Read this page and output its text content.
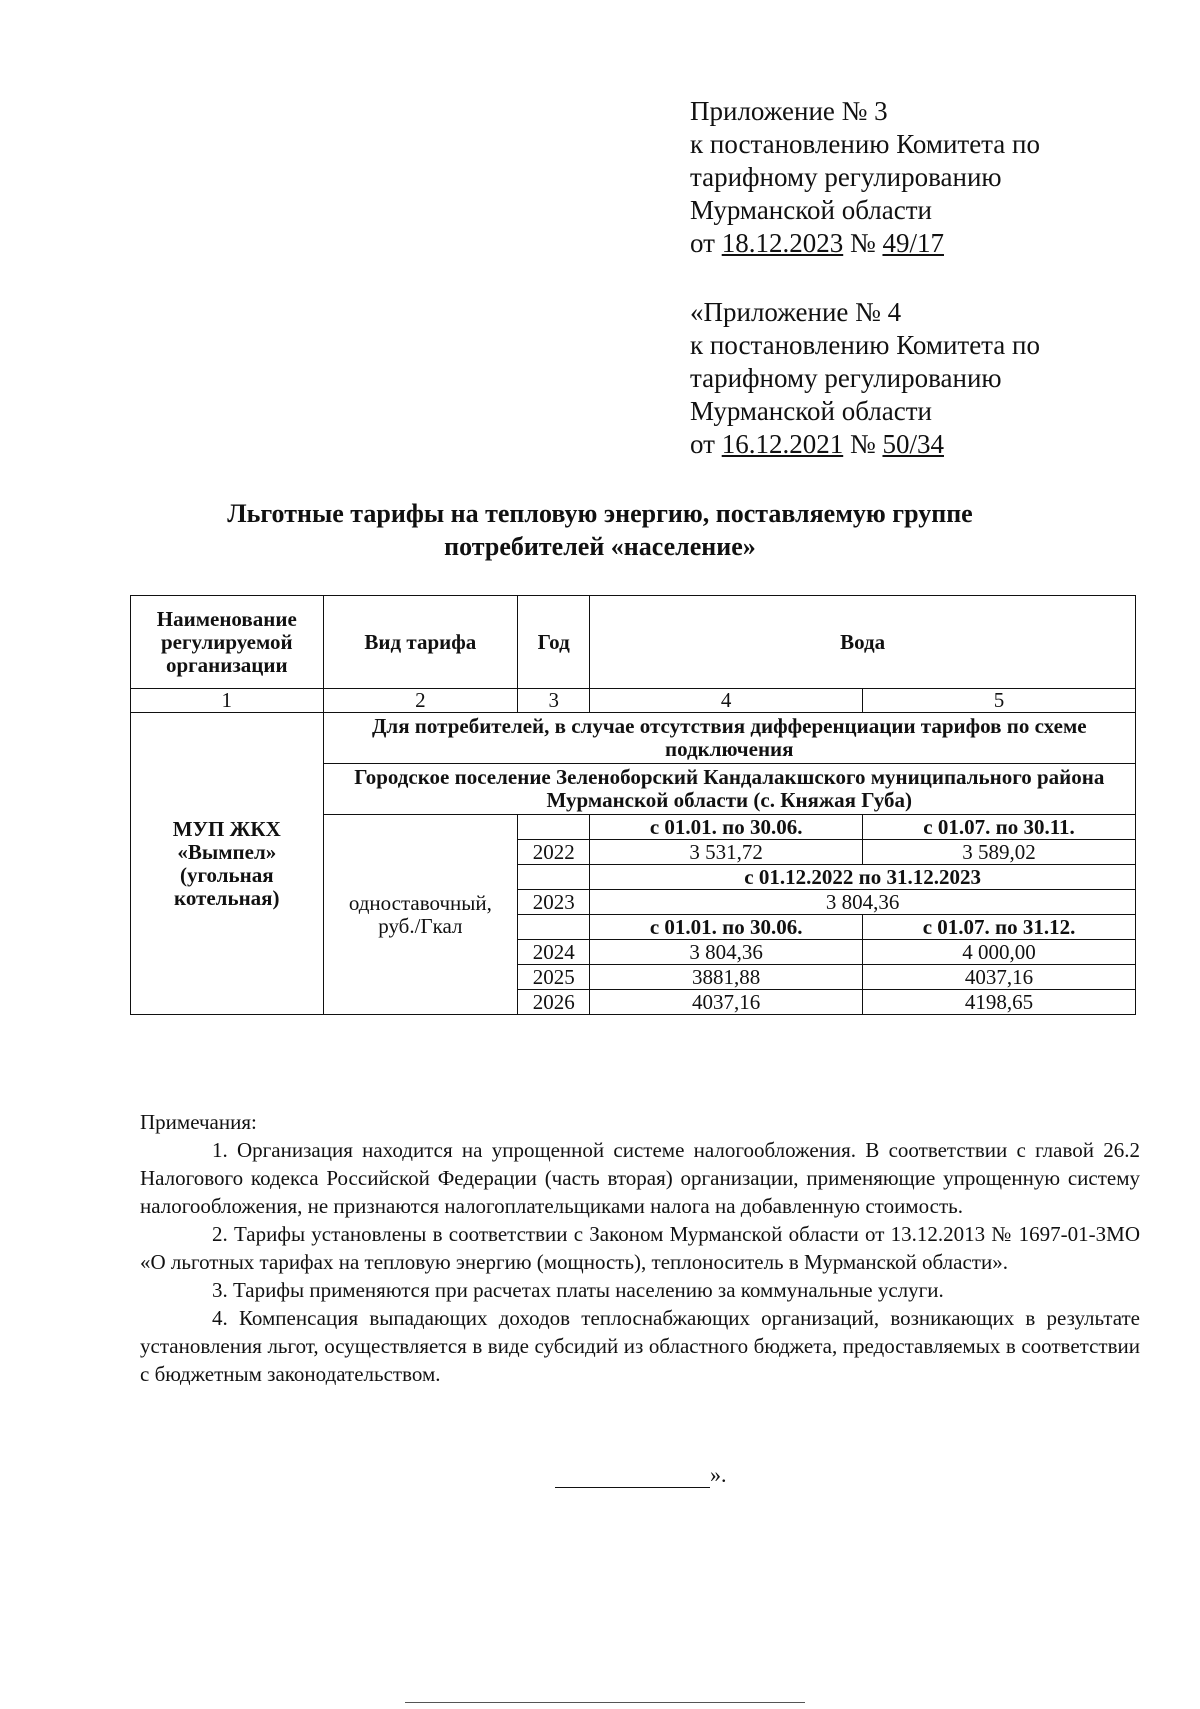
Приложение № 3
к постановлению Комитета по
тарифному регулированию
Мурманской области
от 18.12.2023 № 49/17
«Приложение № 4
к постановлению Комитета по
тарифному регулированию
Мурманской области
от 16.12.2021 № 50/34
Льготные тарифы на тепловую энергию, поставляемую группе
потребителей «население»
Наименование регулируемой организации	Вид тарифа	Год	Вода	
1	2	3	4	5
МУП ЖКХ «Вымпел» (угольная котельная)	Для потребителей, в случае отсутствия дифференциации тарифов по схеме подключения			
	Городское поселение Зеленоборский Кандалакшского муниципального района Мурманской области (с. Княжая Губа)			
	одноставочный, руб./Гкал		с 01.01. по 30.06.	с 01.07. по 30.11.
		2022	3 531,72	3 589,02
			с 01.12.2022 по 31.12.2023	
		2023	3 804,36	
			с 01.01. по 30.06.	с 01.07. по 31.12.
		2024	3 804,36	4 000,00
		2025	3881,88	4037,16
		2026	4037,16	4198,65

Примечания:

1. Организация находится на упрощенной системе налогообложения. В соответствии с главой 26.2 Налогового кодекса Российской Федерации (часть вторая) организации, применяющие упрощенную систему налогообложения, не признаются налогоплательщиками налога на добавленную стоимость.

2. Тарифы установлены в соответствии с Законом Мурманской области от 13.12.2013 № 1697-01-ЗМО «О льготных тарифах на тепловую энергию (мощность), теплоноситель в Мурманской области».

3. Тарифы применяются при расчетах платы населению за коммунальные услуги.

4. Компенсация выпадающих доходов теплоснабжающих организаций, возникающих в результате установления льгот, осуществляется в виде субсидий из областного бюджета, предоставляемых в соответствии с бюджетным законодательством.

».
